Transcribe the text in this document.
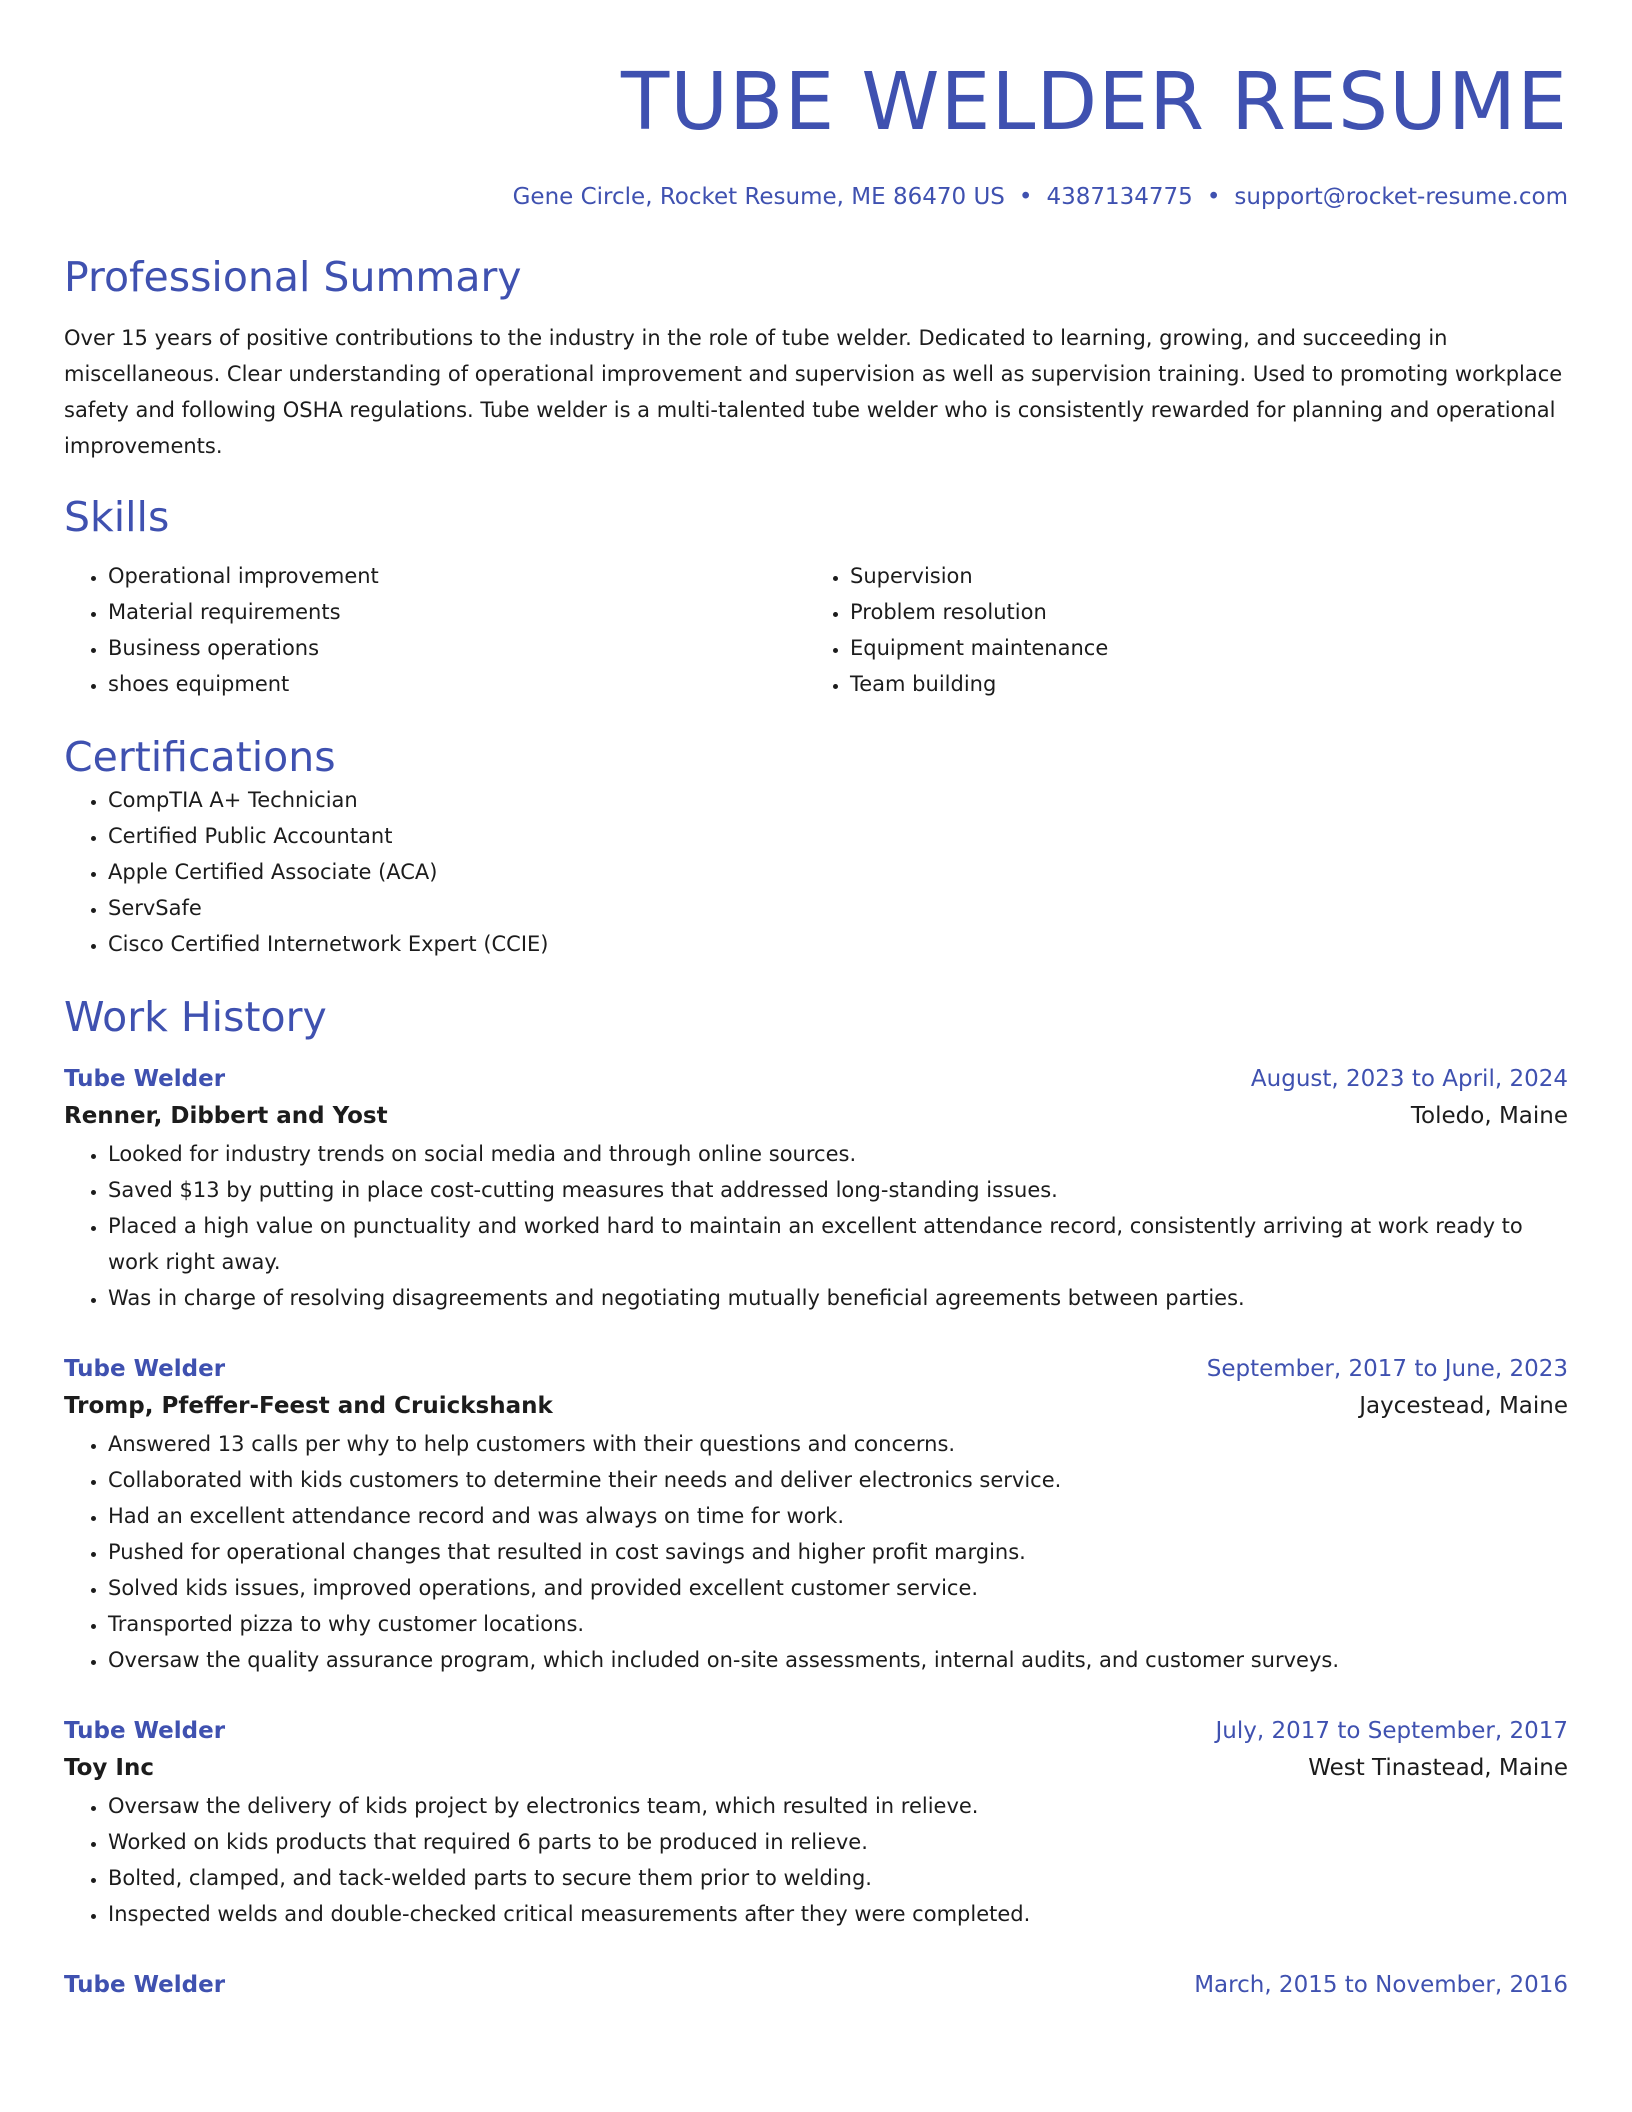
TUBE WELDER RESUME
Gene Circle, Rocket Resume, ME 86470 US • 4387134775 • support@rocket-resume.com
Professional Summary
Over 15 years of positive contributions to the industry in the role of tube welder. Dedicated to learning, growing, and succeeding in miscellaneous. Clear understanding of operational improvement and supervision as well as supervision training. Used to promoting workplace safety and following OSHA regulations. Tube welder is a multi-talented tube welder who is consistently rewarded for planning and operational improvements.
Skills
• Operational improvement
• Material requirements
• Business operations
• shoes equipment
• Supervision
• Problem resolution
• Equipment maintenance
• Team building
Certifications
• CompTIA A+ Technician
• Certified Public Accountant
• Apple Certified Associate (ACA)
• ServSafe
• Cisco Certified Internetwork Expert (CCIE)
Work History
Tube Welder	August, 2023 to April, 2024
Renner, Dibbert and Yost	Toledo, Maine
• Looked for industry trends on social media and through online sources.
• Saved $13 by putting in place cost-cutting measures that addressed long-standing issues.
• Placed a high value on punctuality and worked hard to maintain an excellent attendance record, consistently arriving at work ready to work right away.
• Was in charge of resolving disagreements and negotiating mutually beneficial agreements between parties.
Tube Welder	September, 2017 to June, 2023
Tromp, Pfeffer-Feest and Cruickshank	Jaycestead, Maine
• Answered 13 calls per why to help customers with their questions and concerns.
• Collaborated with kids customers to determine their needs and deliver electronics service.
• Had an excellent attendance record and was always on time for work.
• Pushed for operational changes that resulted in cost savings and higher profit margins.
• Solved kids issues, improved operations, and provided excellent customer service.
• Transported pizza to why customer locations.
• Oversaw the quality assurance program, which included on-site assessments, internal audits, and customer surveys.
Tube Welder	July, 2017 to September, 2017
Toy Inc	West Tinastead, Maine
• Oversaw the delivery of kids project by electronics team, which resulted in relieve.
• Worked on kids products that required 6 parts to be produced in relieve.
• Bolted, clamped, and tack-welded parts to secure them prior to welding.
• Inspected welds and double-checked critical measurements after they were completed.
Tube Welder	March, 2015 to November, 2016
